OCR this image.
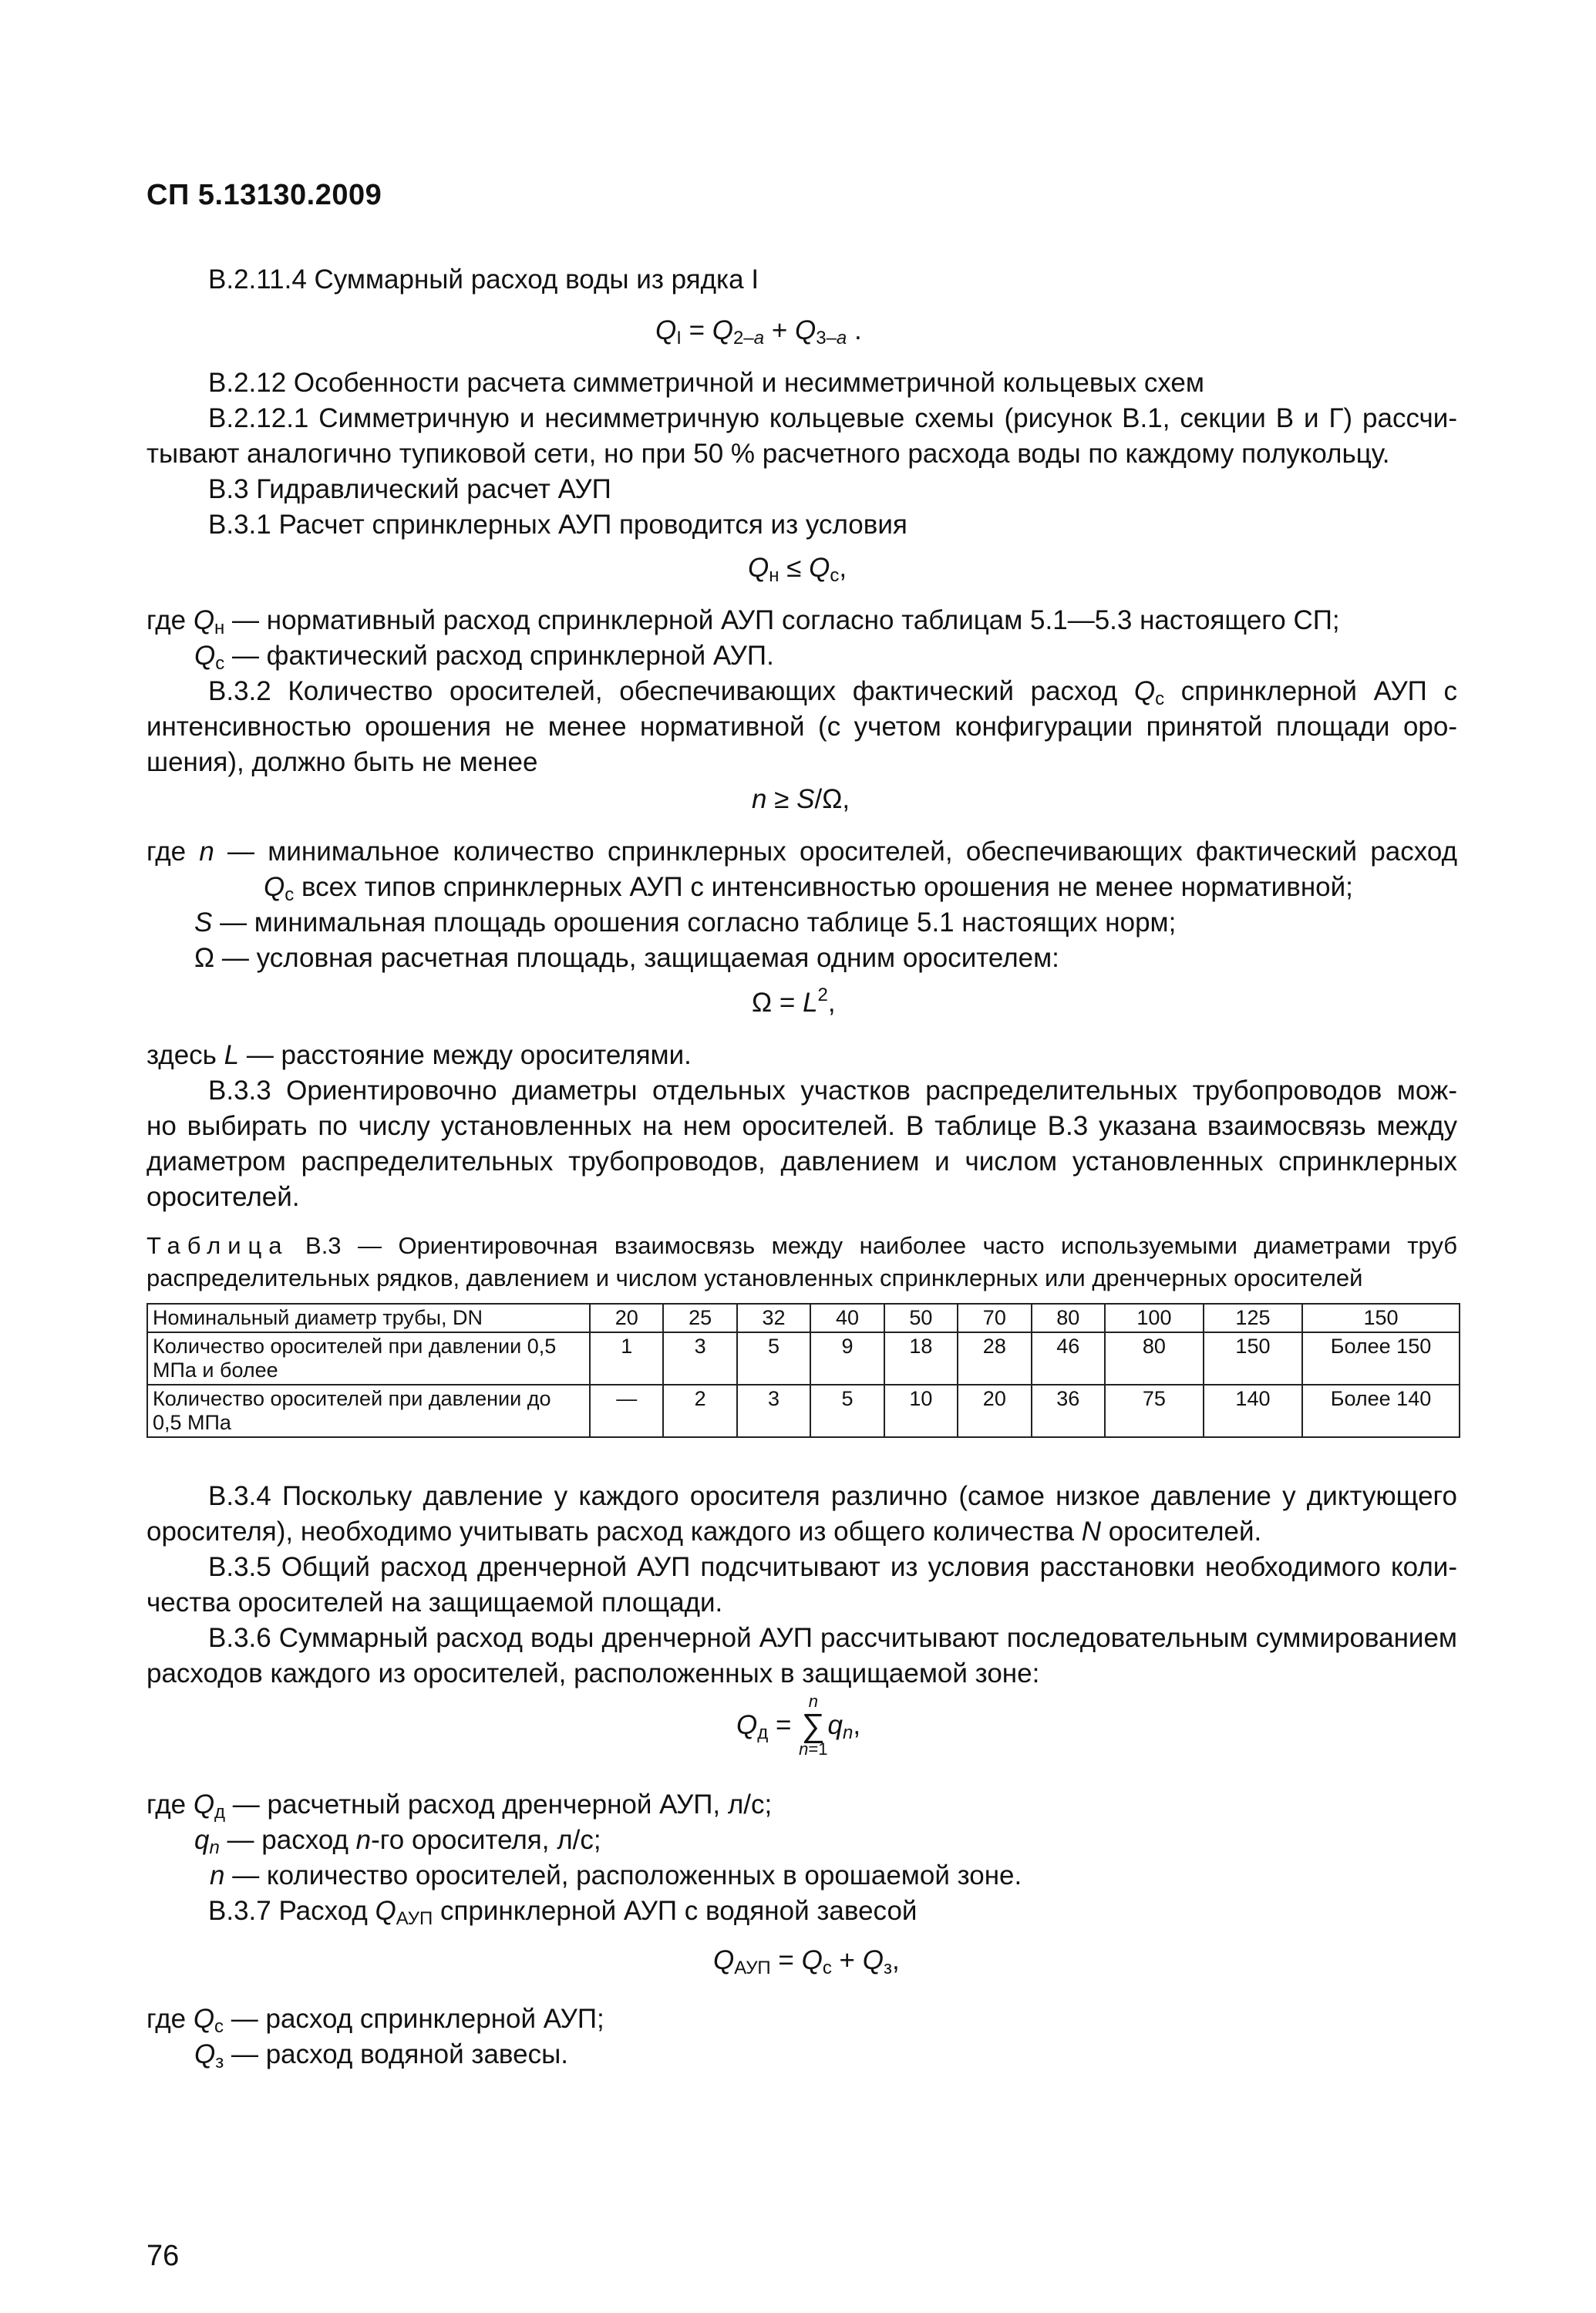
СП 5.13130.2009
В.2.11.4 Суммарный расход воды из рядка I
$Q_I = Q_{2-a} + Q_{3-a}$ .
В.2.12 Особенности расчета симметричной и несимметричной кольцевых схем
В.2.12.1 Симметричную и несимметричную кольцевые схемы (рисунок В.1, секции В и Г) рассчи-
тывают аналогично тупиковой сети, но при 50 % расчетного расхода воды по каждому полукольцу.
В.3 Гидравлический расчет АУП
В.3.1 Расчет спринклерных АУП проводится из условия
$Q_н \le Q_с$,
где $Q_н$ — нормативный расход спринклерной АУП согласно таблицам 5.1—5.3 настоящего СП;
$Q_с$ — фактический расход спринклерной АУП.
В.3.2 Количество оросителей, обеспечивающих фактический расход $Q_с$ спринклерной АУП с
интенсивностью орошения не менее нормативной (с учетом конфигурации принятой площади оро-
шения), должно быть не менее
n ≥ S/Ω,
где n — минимальное количество спринклерных оросителей, обеспечивающих фактический расход
$Q_с$ всех типов спринклерных АУП с интенсивностью орошения не менее нормативной;
S — минимальная площадь орошения согласно таблице 5.1 настоящих норм;
Ω — условная расчетная площадь, защищаемая одним оросителем:
$\Omega = L^2$,
здесь L — расстояние между оросителями.
В.3.3 Ориентировочно диаметры отдельных участков распределительных трубопроводов мож-
но выбирать по числу установленных на нем оросителей. В таблице В.3 указана взаимосвязь между
диаметром распределительных трубопроводов, давлением и числом установленных спринклерных
оросителей.
Таблица В.3 — Ориентировочная взаимосвязь между наиболее часто используемыми диаметрами труб
распределительных рядков, давлением и числом установленных спринклерных или дренчерных оросителей
Номинальный диаметр трубы, DN	20	25	32	40	50	70	80	100	125	150
Количество оросителей при давлении 0,5 МПа и более	1	3	5	9	18	28	46	80	150	Более 150
Количество оросителей при давлении до 0,5 МПа	—	2	3	5	10	20	36	75	140	Более 140
В.3.4 Поскольку давление у каждого оросителя различно (самое низкое давление у диктующего
оросителя), необходимо учитывать расход каждого из общего количества N оросителей.
В.3.5 Общий расход дренчерной АУП подсчитывают из условия расстановки необходимого коли-
чества оросителей на защищаемой площади.
В.3.6 Суммарный расход воды дренчерной АУП рассчитывают последовательным суммированием
расходов каждого из оросителей, расположенных в защищаемой зоне:
$Q_д$ =
n
∑
n=1
$q_n$,
где $Q_д$ — расчетный расход дренчерной АУП, л/с;
$q_n$ — расход n-го оросителя, л/с;
n — количество оросителей, расположенных в орошаемой зоне.
В.3.7 Расход $Q_{АУП}$ спринклерной АУП с водяной завесой
$Q_{АУП} = Q_с + Q_з$,
где $Q_с$ — расход спринклерной АУП;
$Q_з$ — расход водяной завесы.
76
